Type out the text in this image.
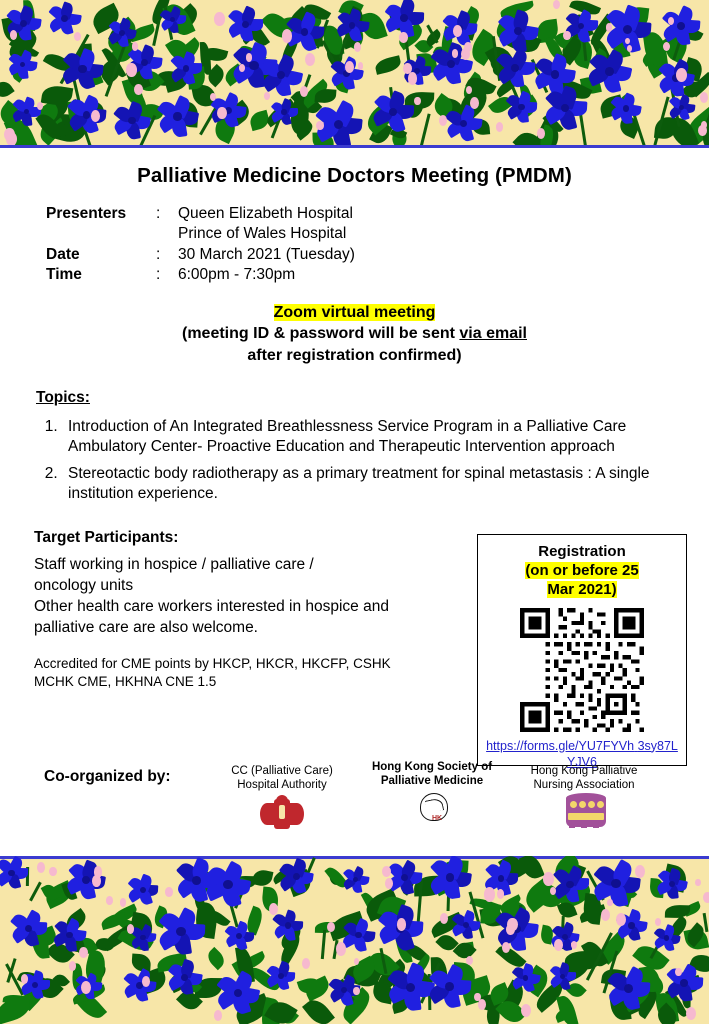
Palliative Medicine Doctors Meeting (PMDM)
Presenters	:	Queen Elizabeth Hospital
Prince of Wales Hospital
Date	:	30 March 2021 (Tuesday)
Time	:	6:00pm - 7:30pm
Zoom virtual meeting
(meeting ID & password will be sent via email
after registration confirmed)
Topics:
1. Introduction of An Integrated Breathlessness Service Program in a Palliative Care Ambulatory Center- Proactive Education and Therapeutic Intervention approach
2. Stereotactic body radiotherapy as a primary treatment for spinal metastasis : A single institution experience.
Target Participants:
Staff working in hospice / palliative care /
oncology units
Other health care workers interested in hospice and
palliative care are also welcome.
Accredited for CME points by HKCP, HKCR, HKCFP, CSHK
MCHK CME, HKHNA CNE 1.5
Registration
(on or before 25
Mar 2021)
https://forms.gle/YU7FYVh 3sy87LYJV6
Co-organized by:	CC (Palliative Care)
Hospital Authority
Hong Kong Society of
Palliative Medicine
HK
Hong Kong Palliative
Nursing Association
